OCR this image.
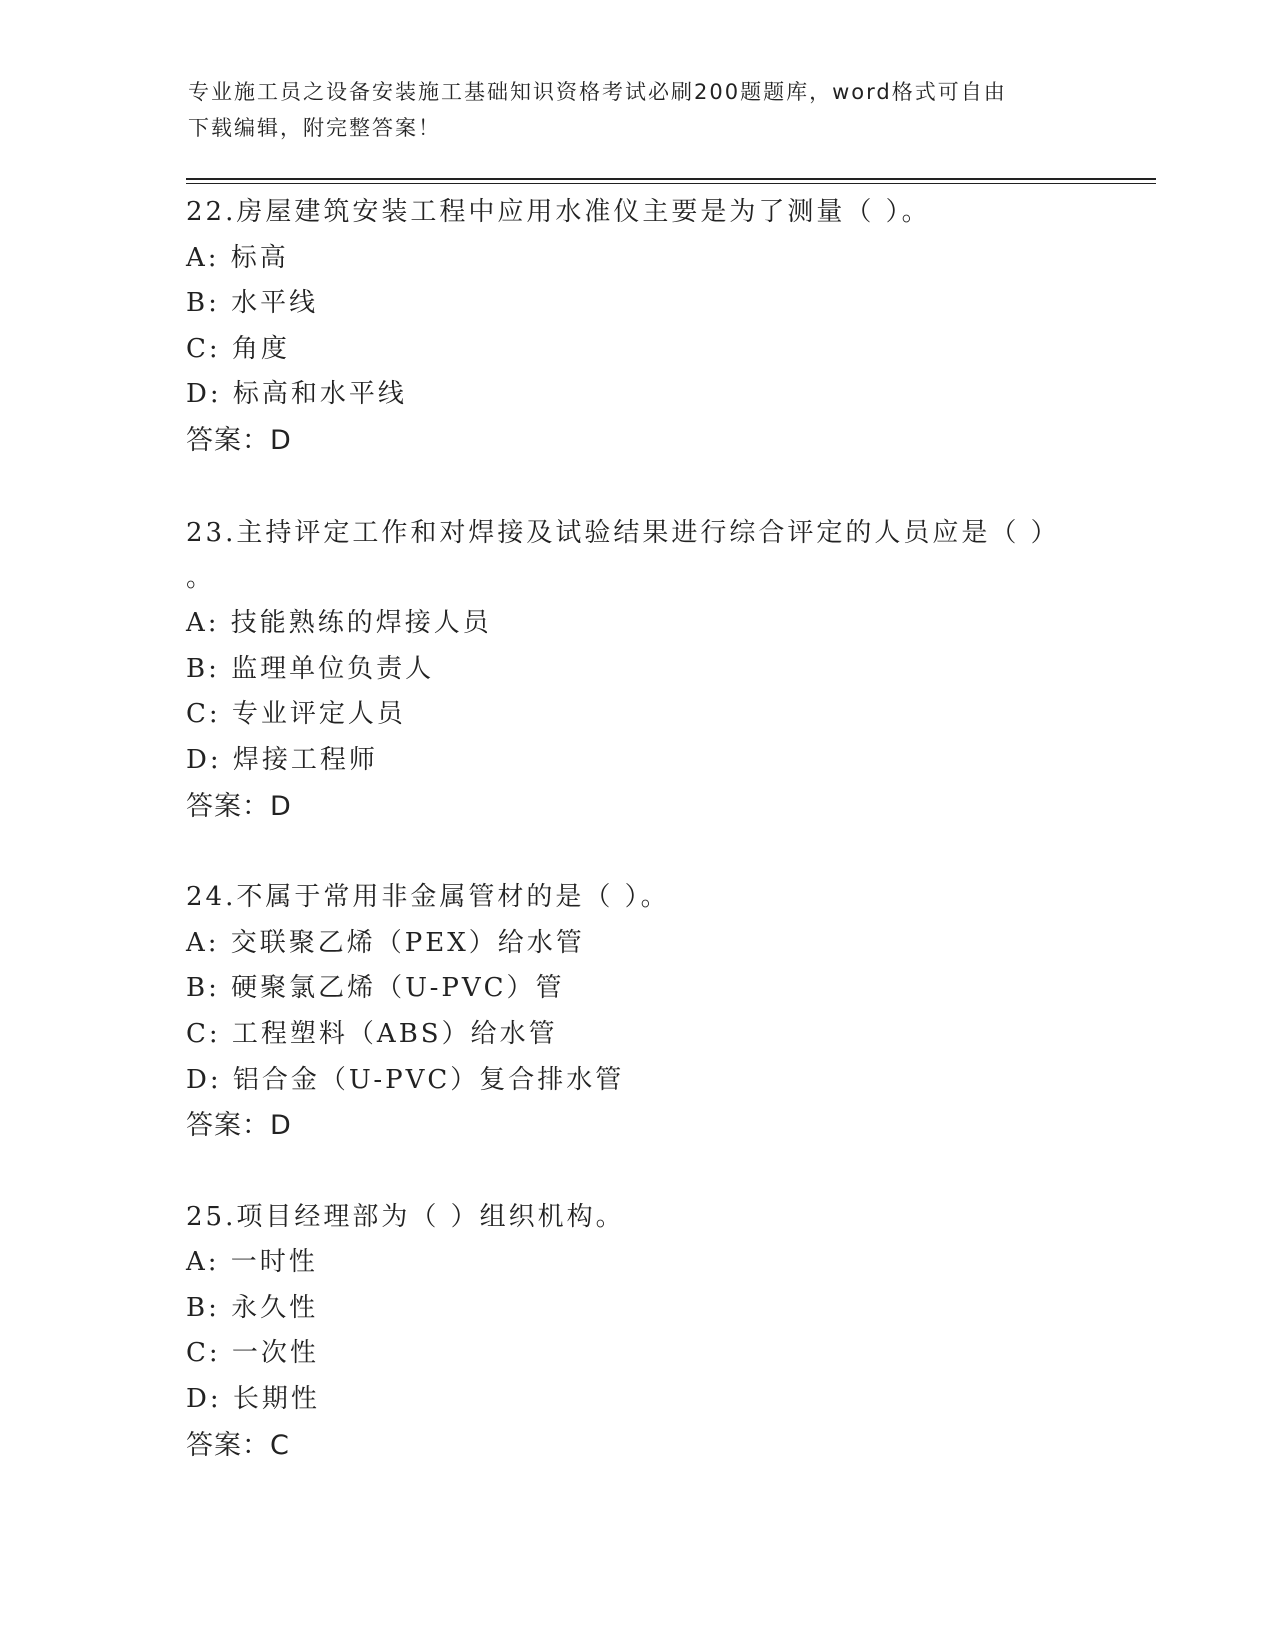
专业施工员之设备安装施工基础知识资格考试必刷200题题库，word格式可自由
下载编辑，附完整答案！
22.房屋建筑安装工程中应用水准仪主要是为了测量（ ）。
A: 标高
B: 水平线
C: 角度
D: 标高和水平线
答案：D
23.主持评定工作和对焊接及试验结果进行综合评定的人员应是（ ）
。
A: 技能熟练的焊接人员
B: 监理单位负责人
C: 专业评定人员
D: 焊接工程师
答案：D
24.不属于常用非金属管材的是（ ）。
A: 交联聚乙烯（PEX）给水管
B: 硬聚氯乙烯（U-PVC）管
C: 工程塑料（ABS）给水管
D: 铝合金（U-PVC）复合排水管
答案：D
25.项目经理部为（ ）组织机构。
A: 一时性
B: 永久性
C: 一次性
D: 长期性
答案：C
